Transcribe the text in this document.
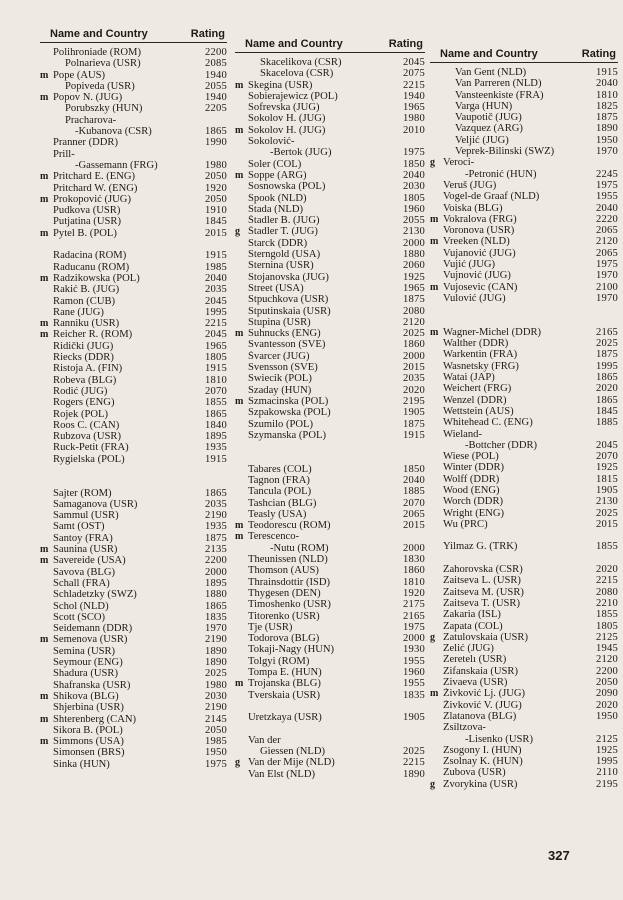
Name and Country	Rating
Polihroniade (ROM)	2200
Polnarieva (USR)	2085
m Pope (AUS)	1940
Popiveda (USR)	2055
m Popov N. (JUG)	1940
Porubszky (HUN)	2205
Pracharova-
-Kubanova (CSR)	1865
Pranner (DDR)	1990
Prill-
-Gassemann (FRG)	1980
m Pritchard E. (ENG)	2050
Pritchard W. (ENG)	1920
m Prokopović (JUG)	2050
Pudkova (USR)	1910
Putjatina (USR)	1845
m Pytel B. (POL)	2015
Radacina (ROM)	1915
Raducanu (ROM)	1985
m Radzikowska (POL)	2040
Rakić B. (JUG)	2035
Ramon (CUB)	2045
Rane (JUG)	1995
m Ranniku (USR)	2215
m Reicher R. (ROM)	2045
Ridički (JUG)	1965
Riecks (DDR)	1805
Ristoja A. (FIN)	1915
Robeva (BLG)	1810
Rodić (JUG)	2070
Rogers (ENG)	1855
Rojek (POL)	1865
Roos C. (CAN)	1840
Rubzova (USR)	1895
Ruck-Petit (FRA)	1935
Rygielska (POL)	1915
Sajter (ROM)	1865
Samaganova (USR)	2035
Sammul (USR)	2190
Samt (OST)	1935
Santoy (FRA)	1875
m Saunina (USR)	2135
m Savereide (USA)	2200
Savova (BLG)	2000
Schall (FRA)	1895
Schladetzky (SWZ)	1880
Schol (NLD)	1865
Scott (SCO)	1835
Seidemann (DDR)	1970
m Semenova (USR)	2190
Semina (USR)	1890
Seymour (ENG)	1890
Shadura (USR)	2025
Shafranska (USR)	1980
m Shikova (BLG)	2030
Shjerbina (USR)	2190
m Shterenberg (CAN)	2145
Sikora B. (POL)	2050
m Simmons (USA)	1985
Simonsen (BRS)	1950
Sinka (HUN)	1975
Name and Country	Rating
Skacelikova (CSR)	2045
Skacelova (CSR)	2075
m Skegina (USR)	2215
Sobierajewicz (POL)	1940
Sofrevska (JUG)	1965
Sokolov H. (JUG)	1980
m Sokolov H. (JUG)	2010
Sokolović-
-Bertok (JUG)	1975
Soler (COL)	1850
m Soppe (ARG)	2040
Sosnowska (POL)	2030
Spook (NLD)	1805
Stada (NLD)	1960
Štadler B. (JUG)	2055
g Štadler T. (JUG)	2130
Starck (DDR)	2000
Sterngold (USA)	1880
Sternina (USR)	2060
Stojanovska (JUG)	1925
Street (USA)	1965
Stpuchkova (USR)	1875
Stputinskaia (USR)	2080
Stupina (USR)	2120
m Suhnucks (ENG)	2025
Svantesson (SVE)	1860
Švarcer (JUG)	2000
Svensson (SVE)	2015
Swiecik (POL)	2035
Szaday (HUN)	2020
m Szmacinska (POL)	2195
Szpakowska (POL)	1905
Szumilo (POL)	1875
Szymanska (POL)	1915
Tabares (COL)	1850
Tagnon (FRA)	2040
Tancula (POL)	1885
Tashcian (BLG)	2070
Teasly (USA)	2065
m Teodorescu (ROM)	2015
m Terescenco-
-Nutu (ROM)	2000
Theunissen (NLD)	1830
Thomson (AUS)	1860
Thrainsdottir (ISD)	1810
Thygesen (DEN)	1920
Timoshenko (USR)	2175
Titorenko (USR)	2165
Tje (USR)	1975
Todorova (BLG)	2000
Tokaji-Nagy (HUN)	1930
Tolgyi (ROM)	1955
Tompa E. (HUN)	1960
m Trojanska (BLG)	1955
Tverskaia (USR)	1835
Uretzkaya (USR)	1905
Van der
Giessen (NLD)	2025
g Van der Mije (NLD)	2215
Van Elst (NLD)	1890
Name and Country	Rating
Van Gent (NLD)	1915
Van Parreren (NLD)	2040
Vansteenkiste (FRA)	1810
Varga (HUN)	1825
Vaupotič (JUG)	1875
Vazquez (ARG)	1890
Veljić (JUG)	1950
Veprek-Bilinski (SWZ)	1970
g Veroci-
-Petronić (HUN)	2245
Veruš (JUG)	1975
Vogel-de Graaf (NLD)	1955
Voiska (BLG)	2040
m Vokralova (FRG)	2220
Voronova (USR)	2065
m Vreeken (NLD)	2120
Vujanović (JUG)	2065
Vujić (JUG)	1975
Vujnović (JUG)	1970
m Vujosevic (CAN)	2100
Vulović (JUG)	1970
m Wagner-Michel (DDR)	2165
Walther (DDR)	2025
Warkentin (FRA)	1875
Wasnetsky (FRG)	1995
Watai (JAP)	1865
Weichert (FRG)	2020
Wenzel (DDR)	1865
Wettstein (AUS)	1845
Whitehead C. (ENG)	1885
Wieland-
-Bottcher (DDR)	2045
Wiese (POL)	2070
Winter (DDR)	1925
Wolff (DDR)	1815
Wood (ENG)	1905
Worch (DDR)	2130
Wright (ENG)	2025
Wu (PRC)	2015
Yilmaz G. (TRK)	1855
Zahorovska (CSR)	2020
Zaitseva L. (USR)	2215
Zaitseva M. (USR)	2080
Zaitseva T. (USR)	2210
Zakaria (ISL)	1855
Zapata (COL)	1805
g Zatulovskaia (USR)	2125
Zelić (JUG)	1945
Zeretelı (USR)	2120
Zifanskaia (USR)	2200
Zivaeva (USR)	2050
m Živković Lj. (JUG)	2090
Živković V. (JUG)	2020
Zlatanova (BLG)	1950
Zsiltzova-
-Lisenko (USR)	2125
Zsogony I. (HUN)	1925
Zsolnay K. (HUN)	1995
Zubova (USR)	2110
g Zvorykina (USR)	2195
327
